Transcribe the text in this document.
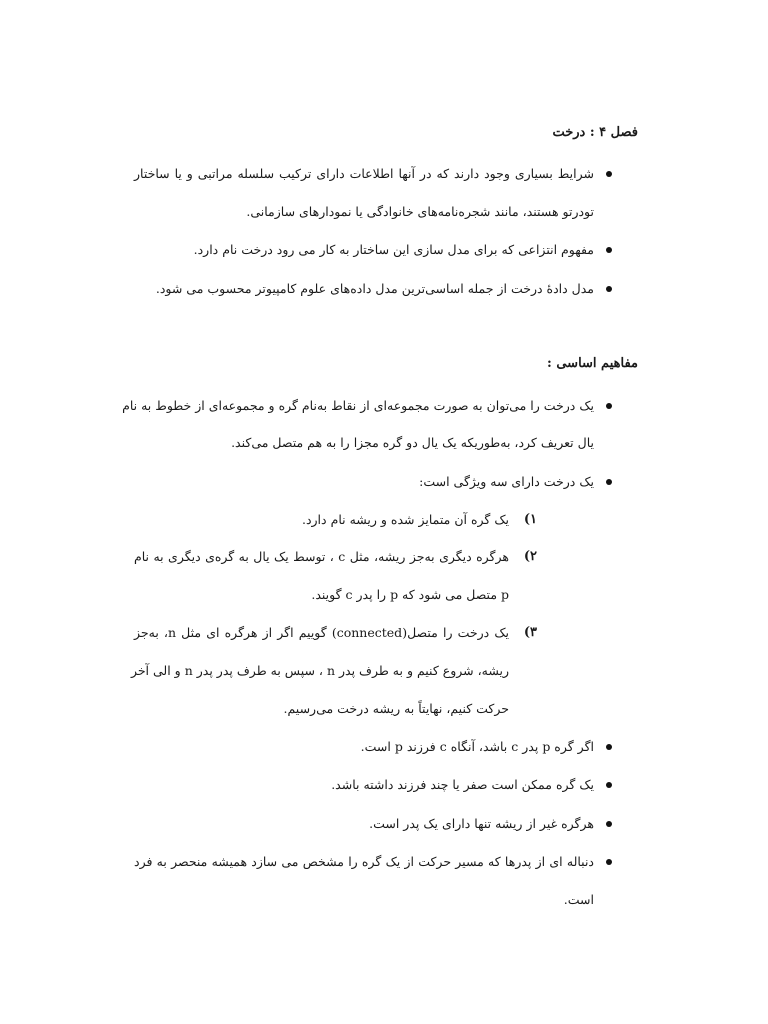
فصل ۴ : درخت
شرایط بسیاری وجود دارند که در آنها اطلاعات دارای ترکیب سلسله مراتبی و یا ساختار
تودرتو هستند، مانند شجره‌نامه‌های خانوادگی یا نمودارهای سازمانی.
مفهوم انتزاعی که برای مدل سازی این ساختار به کار می رود درخت نام دارد.
مدل دادهٔ درخت از جمله اساسی‌ترین مدل داده‌های علوم کامپیوتر محسوب می شود.
مفاهیم اساسی :
یک درخت را می‌توان به صورت مجموعه‌ای از نقاط به‌نام گره و مجموعه‌ای از خطوط به نام
یال تعریف کرد، به‌طوریکه یک یال دو گره مجزا را به هم متصل می‌کند.
یک درخت دارای سه ویژگی است:
۱)
یک گره آن متمایز شده و ریشه نام دارد.
۲)
هرگره دیگری به‌جز ریشه، مثل c ، توسط یک یال به گره‌ی دیگری به نام
p متصل می شود که p را پدر c گویند.
۳)
یک درخت را متصل(connected) گوییم اگر از هرگره ای مثل n، به‌جز
ریشه، شروع کنیم و به طرف پدر n ، سپس به طرف پدر پدر n و الی آخر
حرکت کنیم، نهایتاً به ریشه درخت می‌رسیم.
اگر گره p پدر c باشد، آنگاه c فرزند p است.
یک گره ممکن است صفر یا چند فرزند داشته باشد.
هرگره غیر از ریشه تنها دارای یک پدر است.
دنباله ای از پدرها که مسیر حرکت از یک گره را مشخص می سازد همیشه منحصر به فرد
است.
